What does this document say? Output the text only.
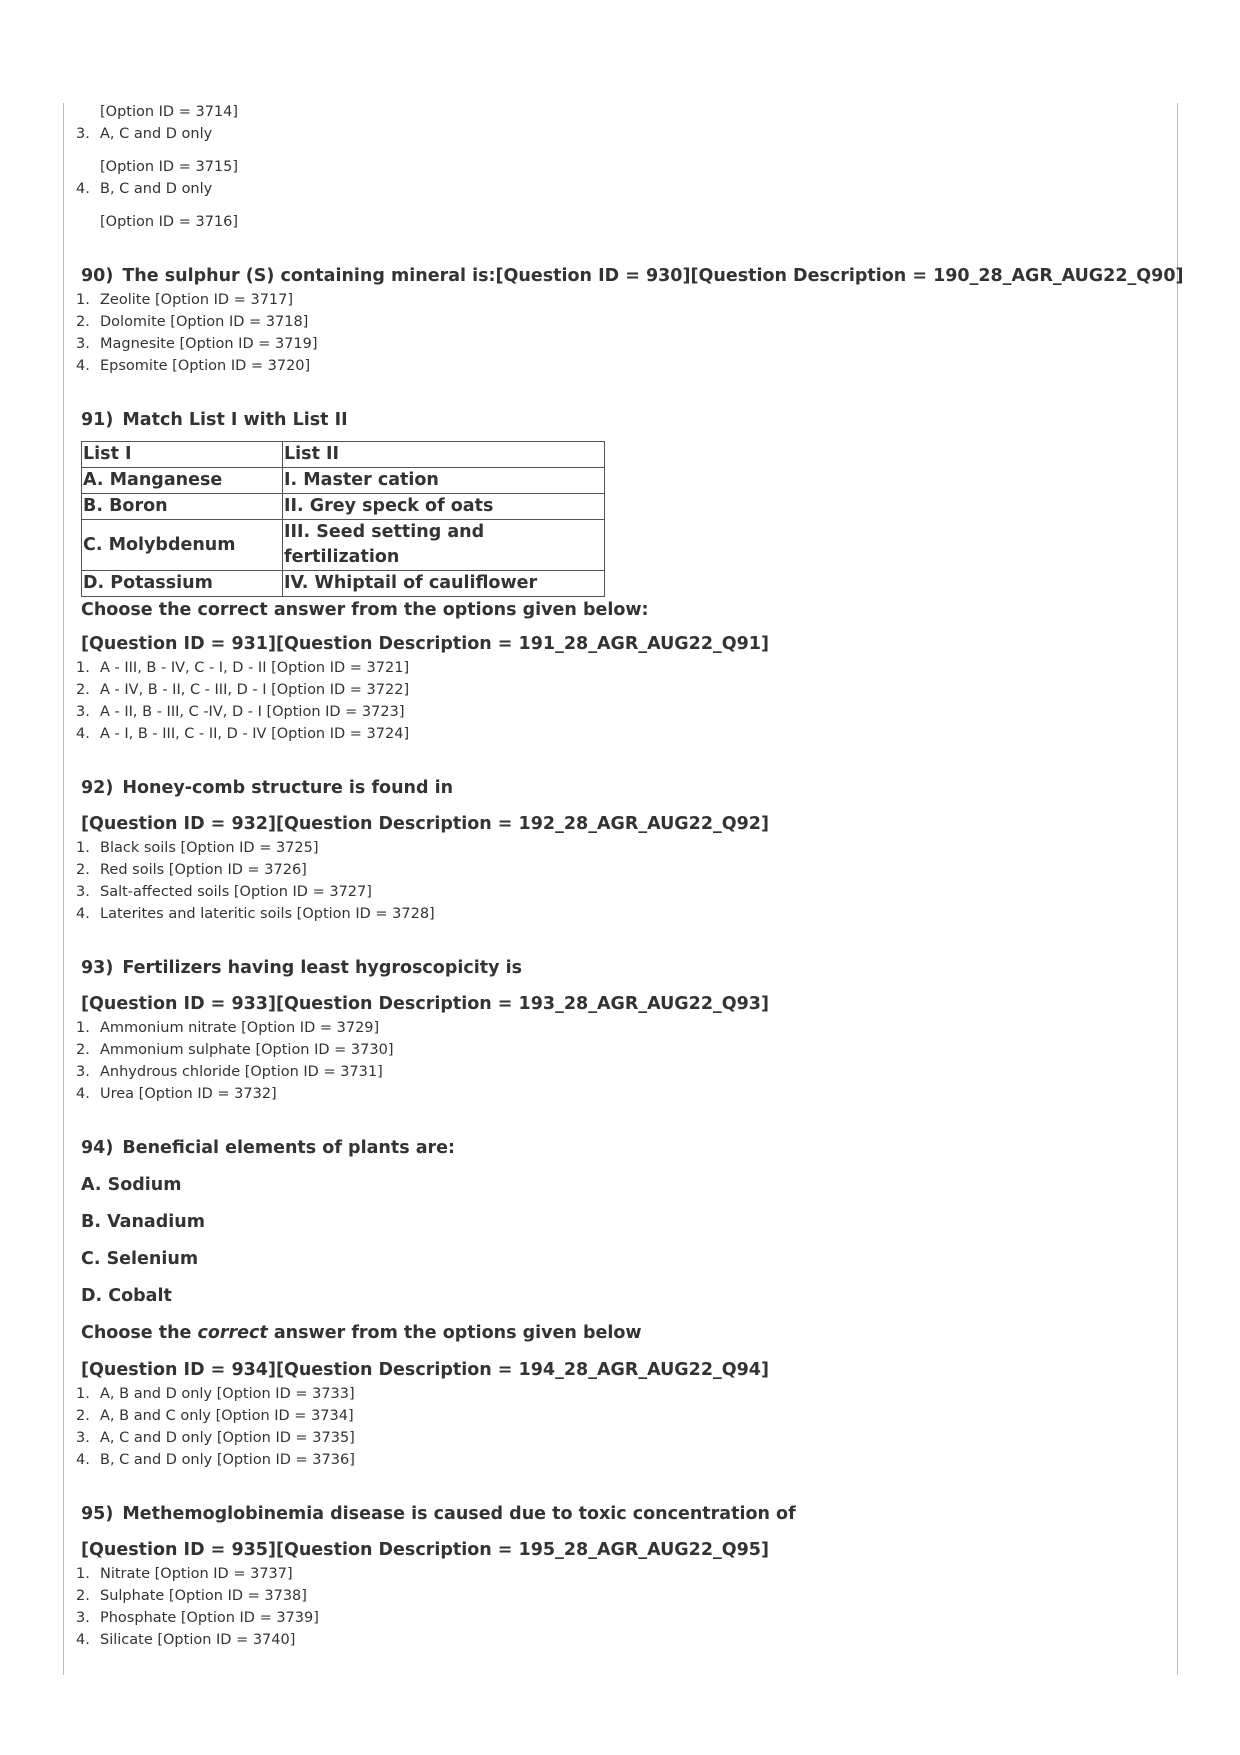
[Option ID = 3714]
3. A, C and D only
[Option ID = 3715]
4. B, C and D only
[Option ID = 3716]
90) The sulphur (S) containing mineral is:[Question ID = 930][Question Description = 190_28_AGR_AUG22_Q90]
1. Zeolite [Option ID = 3717]
2. Dolomite [Option ID = 3718]
3. Magnesite [Option ID = 3719]
4. Epsomite [Option ID = 3720]
91) Match List I with List II
List I	List II
A. Manganese	I. Master cation
B. Boron	II. Grey speck of oats
C. Molybdenum	III. Seed setting and fertilization
D. Potassium	IV. Whiptail of cauliflower
Choose the correct answer from the options given below:
[Question ID = 931][Question Description = 191_28_AGR_AUG22_Q91]
1. A - III, B - IV, C - I, D - II [Option ID = 3721]
2. A - IV, B - II, C - III, D - I [Option ID = 3722]
3. A - II, B - III, C -IV, D - I [Option ID = 3723]
4. A - I, B - III, C - II, D - IV [Option ID = 3724]
92) Honey-comb structure is found in
[Question ID = 932][Question Description = 192_28_AGR_AUG22_Q92]
1. Black soils [Option ID = 3725]
2. Red soils [Option ID = 3726]
3. Salt-affected soils [Option ID = 3727]
4. Laterites and lateritic soils [Option ID = 3728]
93) Fertilizers having least hygroscopicity is
[Question ID = 933][Question Description = 193_28_AGR_AUG22_Q93]
1. Ammonium nitrate [Option ID = 3729]
2. Ammonium sulphate [Option ID = 3730]
3. Anhydrous chloride [Option ID = 3731]
4. Urea [Option ID = 3732]
94) Beneficial elements of plants are:
A. Sodium
B. Vanadium
C. Selenium
D. Cobalt
Choose the correct answer from the options given below
[Question ID = 934][Question Description = 194_28_AGR_AUG22_Q94]
1. A, B and D only [Option ID = 3733]
2. A, B and C only [Option ID = 3734]
3. A, C and D only [Option ID = 3735]
4. B, C and D only [Option ID = 3736]
95) Methemoglobinemia disease is caused due to toxic concentration of
[Question ID = 935][Question Description = 195_28_AGR_AUG22_Q95]
1. Nitrate [Option ID = 3737]
2. Sulphate [Option ID = 3738]
3. Phosphate [Option ID = 3739]
4. Silicate [Option ID = 3740]
